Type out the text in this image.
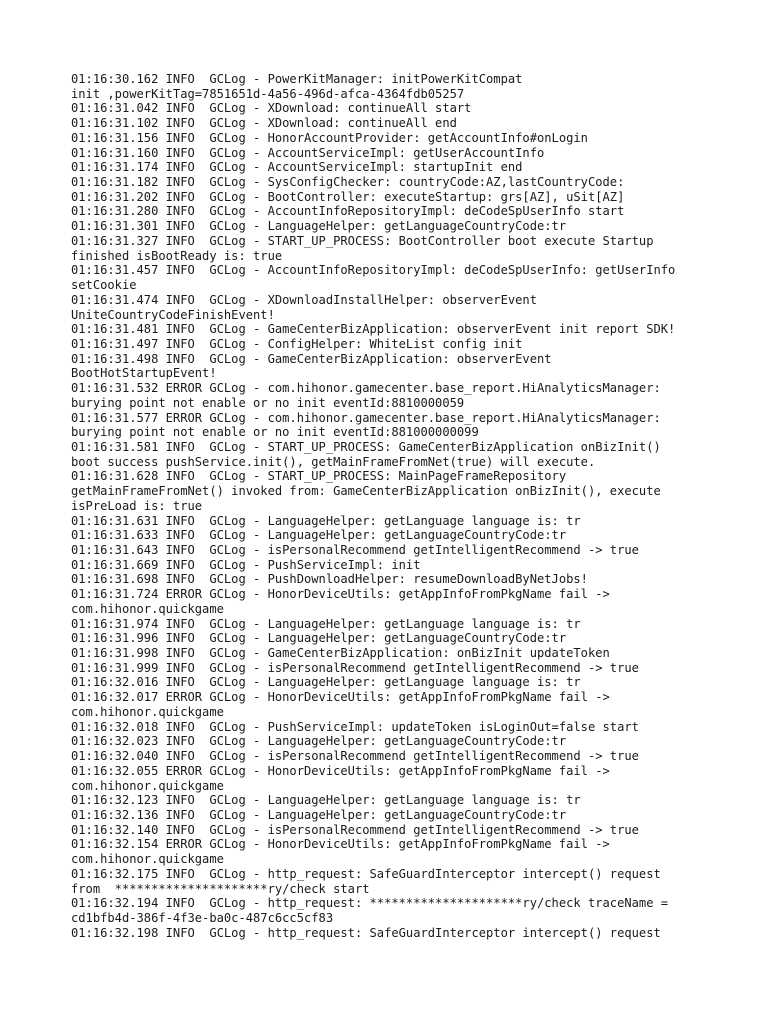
01:16:30.162 INFO  GCLog - PowerKitManager: initPowerKitCompat
init ,powerKitTag=7851651d-4a56-496d-afca-4364fdb05257
01:16:31.042 INFO  GCLog - XDownload: continueAll start
01:16:31.102 INFO  GCLog - XDownload: continueAll end
01:16:31.156 INFO  GCLog - HonorAccountProvider: getAccountInfo#onLogin
01:16:31.160 INFO  GCLog - AccountServiceImpl: getUserAccountInfo
01:16:31.174 INFO  GCLog - AccountServiceImpl: startupInit end
01:16:31.182 INFO  GCLog - SysConfigChecker: countryCode:AZ,lastCountryCode:
01:16:31.202 INFO  GCLog - BootController: executeStartup: grs[AZ], uSit[AZ]
01:16:31.280 INFO  GCLog - AccountInfoRepositoryImpl: deCodeSpUserInfo start
01:16:31.301 INFO  GCLog - LanguageHelper: getLanguageCountryCode:tr
01:16:31.327 INFO  GCLog - START_UP_PROCESS: BootController boot execute Startup
finished isBootReady is: true
01:16:31.457 INFO  GCLog - AccountInfoRepositoryImpl: deCodeSpUserInfo: getUserInfo
setCookie
01:16:31.474 INFO  GCLog - XDownloadInstallHelper: observerEvent
UniteCountryCodeFinishEvent!
01:16:31.481 INFO  GCLog - GameCenterBizApplication: observerEvent init report SDK!
01:16:31.497 INFO  GCLog - ConfigHelper: WhiteList config init
01:16:31.498 INFO  GCLog - GameCenterBizApplication: observerEvent
BootHotStartupEvent!
01:16:31.532 ERROR GCLog - com.hihonor.gamecenter.base_report.HiAnalyticsManager:
burying point not enable or no init eventId:8810000059
01:16:31.577 ERROR GCLog - com.hihonor.gamecenter.base_report.HiAnalyticsManager:
burying point not enable or no init eventId:881000000099
01:16:31.581 INFO  GCLog - START_UP_PROCESS: GameCenterBizApplication onBizInit()
boot success pushService.init(), getMainFrameFromNet(true) will execute.
01:16:31.628 INFO  GCLog - START_UP_PROCESS: MainPageFrameRepository
getMainFrameFromNet() invoked from: GameCenterBizApplication onBizInit(), execute
isPreLoad is: true
01:16:31.631 INFO  GCLog - LanguageHelper: getLanguage language is: tr
01:16:31.633 INFO  GCLog - LanguageHelper: getLanguageCountryCode:tr
01:16:31.643 INFO  GCLog - isPersonalRecommend getIntelligentRecommend -> true
01:16:31.669 INFO  GCLog - PushServiceImpl: init
01:16:31.698 INFO  GCLog - PushDownloadHelper: resumeDownloadByNetJobs!
01:16:31.724 ERROR GCLog - HonorDeviceUtils: getAppInfoFromPkgName fail ->
com.hihonor.quickgame
01:16:31.974 INFO  GCLog - LanguageHelper: getLanguage language is: tr
01:16:31.996 INFO  GCLog - LanguageHelper: getLanguageCountryCode:tr
01:16:31.998 INFO  GCLog - GameCenterBizApplication: onBizInit updateToken
01:16:31.999 INFO  GCLog - isPersonalRecommend getIntelligentRecommend -> true
01:16:32.016 INFO  GCLog - LanguageHelper: getLanguage language is: tr
01:16:32.017 ERROR GCLog - HonorDeviceUtils: getAppInfoFromPkgName fail ->
com.hihonor.quickgame
01:16:32.018 INFO  GCLog - PushServiceImpl: updateToken isLoginOut=false start
01:16:32.023 INFO  GCLog - LanguageHelper: getLanguageCountryCode:tr
01:16:32.040 INFO  GCLog - isPersonalRecommend getIntelligentRecommend -> true
01:16:32.055 ERROR GCLog - HonorDeviceUtils: getAppInfoFromPkgName fail ->
com.hihonor.quickgame
01:16:32.123 INFO  GCLog - LanguageHelper: getLanguage language is: tr
01:16:32.136 INFO  GCLog - LanguageHelper: getLanguageCountryCode:tr
01:16:32.140 INFO  GCLog - isPersonalRecommend getIntelligentRecommend -> true
01:16:32.154 ERROR GCLog - HonorDeviceUtils: getAppInfoFromPkgName fail ->
com.hihonor.quickgame
01:16:32.175 INFO  GCLog - http_request: SafeGuardInterceptor intercept() request
from  *********************ry/check start
01:16:32.194 INFO  GCLog - http_request: *********************ry/check traceName =
cd1bfb4d-386f-4f3e-ba0c-487c6cc5cf83
01:16:32.198 INFO  GCLog - http_request: SafeGuardInterceptor intercept() request
